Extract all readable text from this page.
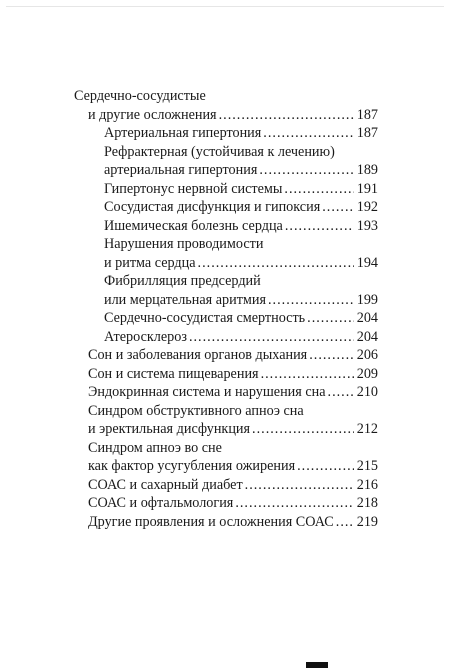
Сердечно-сосудистые
и другие осложнения .....	187
Артериальная гипертония .....	187
Рефрактерная (устойчивая к лечению)
артериальная гипертония .....	189
Гипертонус нервной системы .....	191
Сосудистая дисфункция и гипоксия .....	192
Ишемическая болезнь сердца .....	193
Нарушения проводимости
и ритма сердца .....	194
Фибрилляция предсердий
или мерцательная аритмия .....	199
Сердечно-сосудистая смертность .....	204
Атеросклероз .....	204
Сон и заболевания органов дыхания .....	206
Сон и система пищеварения .....	209
Эндокринная система и нарушения сна ..... 210
Синдром обструктивного апноэ сна
и эректильная дисфункция .....	212
Синдром апноэ во сне
как фактор усугубления ожирения .....	215
СОАС и сахарный диабет .....	216
СОАС и офтальмология .....	218
Другие проявления и осложнения СОАС ..... 219
